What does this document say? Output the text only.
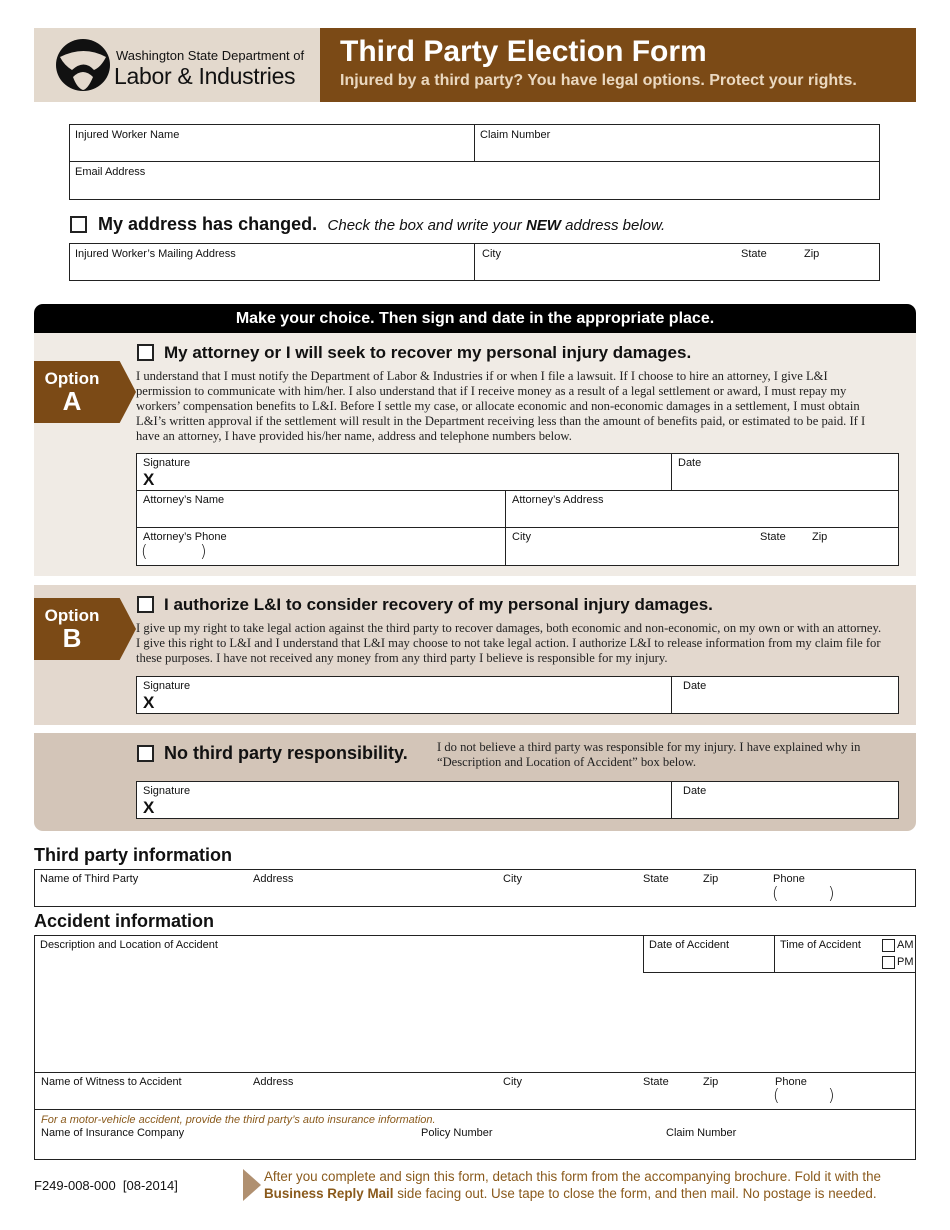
Washington State Department of
Labor & Industries
Third Party Election Form
Injured by a third party? You have legal options. Protect your rights.
Injured Worker Name	Claim Number
Email Address
My address has changed. Check the box and write your NEW address below.
Injured Worker’s Mailing Address	City	State	Zip
Make your choice. Then sign and date in the appropriate place.
Option
A
My attorney or I will seek to recover my personal injury damages.
I understand that I must notify the Department of Labor & Industries if or when I file a lawsuit. If I choose to hire an attorney, I give L&I permission to communicate with him/her. I also understand that if I receive money as a result of a legal settlement or award, I must repay my workers’ compensation benefits to L&I. Before I settle my case, or allocate economic and non-economic damages in a settlement, I must obtain L&I’s written approval if the settlement will result in the Department receiving less than the amount of benefits paid, or estimated to be paid. If I have an attorney, I have provided his/her name, address and telephone numbers below.
Signature
X
Date
Attorney’s Name	Attorney’s Address
Attorney’s Phone
(	)
City	State Zip
Option
B
I authorize L&I to consider recovery of my personal injury damages.
I give up my right to take legal action against the third party to recover damages, both economic and non-economic, on my own or with an attorney. I give this right to L&I and I understand that L&I may choose to not take legal action. I authorize L&I to release information from my claim file for these purposes. I have not received any money from any third party I believe is responsible for my injury.
Signature
X
Date
No third party responsibility. I do not believe a third party was responsible for my injury. I have explained why in “Description and Location of Accident” box below.
Signature
X
Date
Third party information
Name of Third Party	Address	City	State	Zip	Phone
(	)
Accident information
Description and Location of Accident	Date of Accident	Time of Accident	AM
PM
Name of Witness to Accident	Address	City	State	Zip	Phone
(	)
For a motor-vehicle accident, provide the third party’s auto insurance information.
Name of Insurance Company	Policy Number	Claim Number
F249-008-000  [08-2014]
After you complete and sign this form, detach this form from the accompanying brochure. Fold it with the Business Reply Mail side facing out. Use tape to close the form, and then mail. No postage is needed.
